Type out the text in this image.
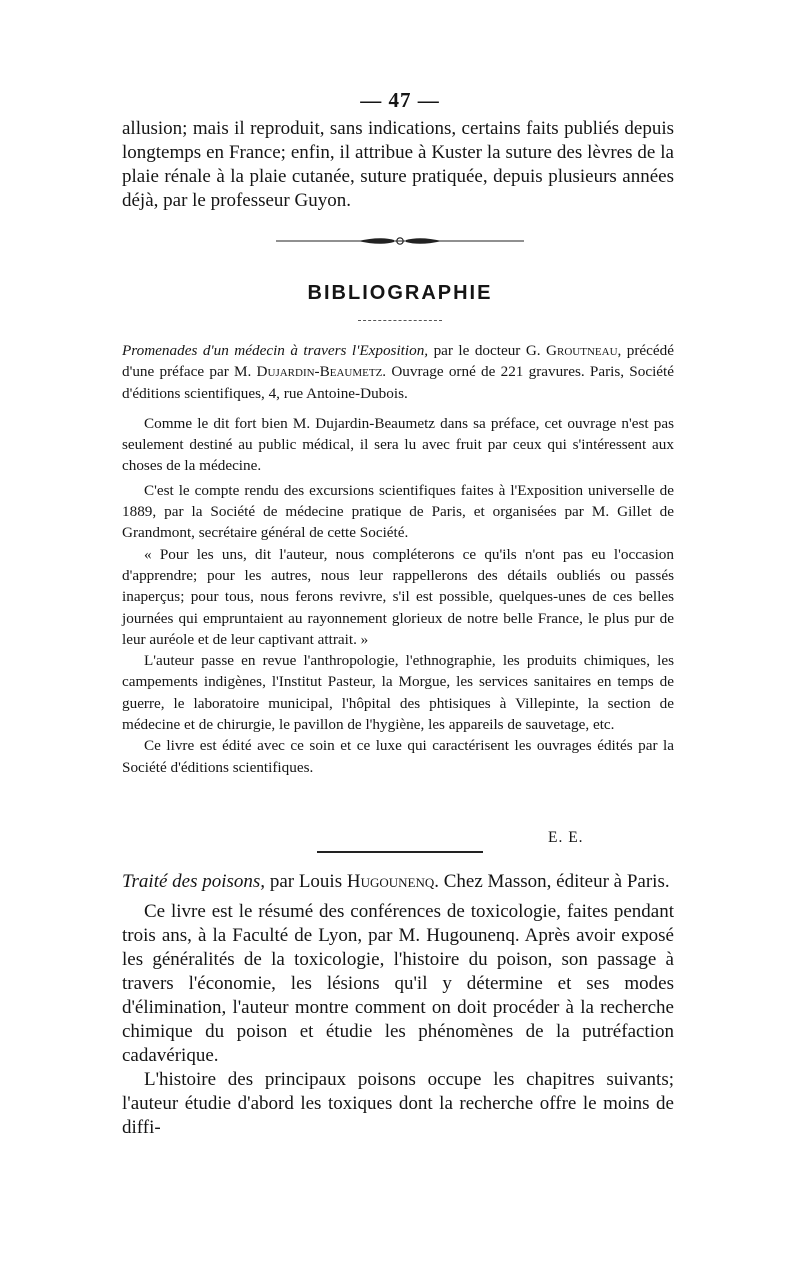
— 47 —

allusion; mais il reproduit, sans indications, certains faits publiés depuis longtemps en France; enfin, il attribue à Kuster la suture des lèvres de la plaie rénale à la plaie cutanée, suture pratiquée, depuis plusieurs années déjà, par le professeur Guyon.

BIBLIOGRAPHIE

Promenades d'un médecin à travers l'Exposition, par le docteur G. Groutneau, précédé d'une préface par M. Dujardin-Beaumetz. Ouvrage orné de 221 gravures. Paris, Société d'éditions scientifiques, 4, rue Antoine-Dubois.

Comme le dit fort bien M. Dujardin-Beaumetz dans sa préface, cet ouvrage n'est pas seulement destiné au public médical, il sera lu avec fruit par ceux qui s'intéressent aux choses de la médecine.

C'est le compte rendu des excursions scientifiques faites à l'Exposition universelle de 1889, par la Société de médecine pratique de Paris, et organisées par M. Gillet de Grandmont, secrétaire général de cette Société.

« Pour les uns, dit l'auteur, nous compléterons ce qu'ils n'ont pas eu l'occasion d'apprendre; pour les autres, nous leur rappellerons des détails oubliés ou passés inaperçus; pour tous, nous ferons revivre, s'il est possible, quelques-unes de ces belles journées qui empruntaient au rayonnement glorieux de notre belle France, le plus pur de leur auréole et de leur captivant attrait. »

L'auteur passe en revue l'anthropologie, l'ethnographie, les produits chimiques, les campements indigènes, l'Institut Pasteur, la Morgue, les services sanitaires en temps de guerre, le laboratoire municipal, l'hôpital des phtisiques à Villepinte, la section de médecine et de chirurgie, le pavillon de l'hygiène, les appareils de sauvetage, etc.

Ce livre est édité avec ce soin et ce luxe qui caractérisent les ouvrages édités par la Société d'éditions scientifiques.

E. E.

Traité des poisons, par Louis Hugounenq. Chez Masson, éditeur à Paris.

Ce livre est le résumé des conférences de toxicologie, faites pendant trois ans, à la Faculté de Lyon, par M. Hugounenq. Après avoir exposé les généralités de la toxicologie, l'histoire du poison, son passage à travers l'économie, les lésions qu'il y détermine et ses modes d'élimination, l'auteur montre comment on doit procéder à la recherche chimique du poison et étudie les phénomènes de la putréfaction cadavérique.

L'histoire des principaux poisons occupe les chapitres suivants; l'auteur étudie d'abord les toxiques dont la recherche offre le moins de diffi-
